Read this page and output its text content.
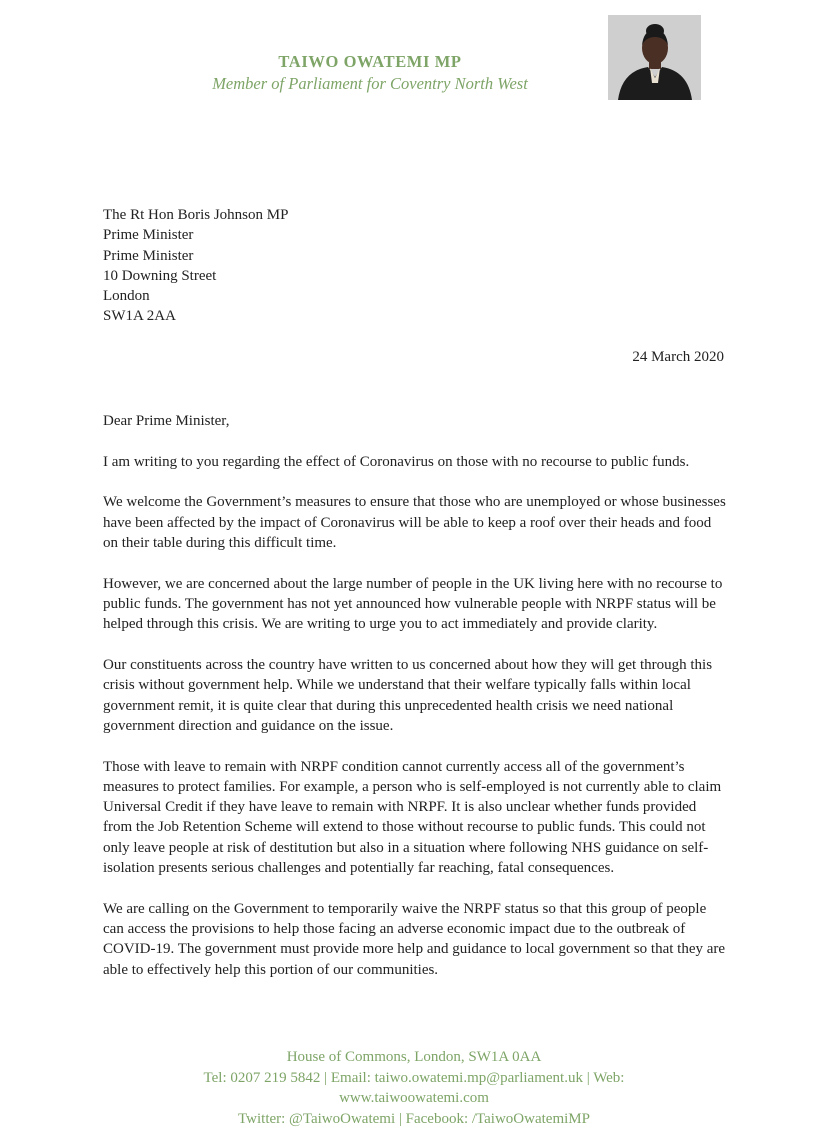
TAIWO OWATEMI MP
Member of Parliament for Coventry North West
The Rt Hon Boris Johnson MP
Prime Minister
Prime Minister
10 Downing Street
London
SW1A 2AA
24 March 2020

Dear Prime Minister,

I am writing to you regarding the effect of Coronavirus on those with no recourse to public funds.

We welcome the Government’s measures to ensure that those who are unemployed or whose businesses have been affected by the impact of Coronavirus will be able to keep a roof over their heads and food on their table during this difficult time.

However, we are concerned about the large number of people in the UK living here with no recourse to public funds. The government has not yet announced how vulnerable people with NRPF status will be helped through this crisis. We are writing to urge you to act immediately and provide clarity.

Our constituents across the country have written to us concerned about how they will get through this crisis without government help. While we understand that their welfare typically falls within local government remit, it is quite clear that during this unprecedented health crisis we need national government direction and guidance on the issue.

Those with leave to remain with NRPF condition cannot currently access all of the government’s measures to protect families. For example, a person who is self-employed is not currently able to claim Universal Credit if they have leave to remain with NRPF. It is also unclear whether funds provided from the Job Retention Scheme will extend to those without recourse to public funds. This could not only leave people at risk of destitution but also in a situation where following NHS guidance on self-isolation presents serious challenges and potentially far reaching, fatal consequences.

We are calling on the Government to temporarily waive the NRPF status so that this group of people can access the provisions to help those facing an adverse economic impact due to the outbreak of COVID-19. The government must provide more help and guidance to local government so that they are able to effectively help this portion of our communities.

House of Commons, London, SW1A 0AA
Tel: 0207 219 5842 | Email: taiwo.owatemi.mp@parliament.uk | Web: www.taiwoowatemi.com
Twitter: @TaiwoOwatemi | Facebook: /TaiwoOwatemiMP
